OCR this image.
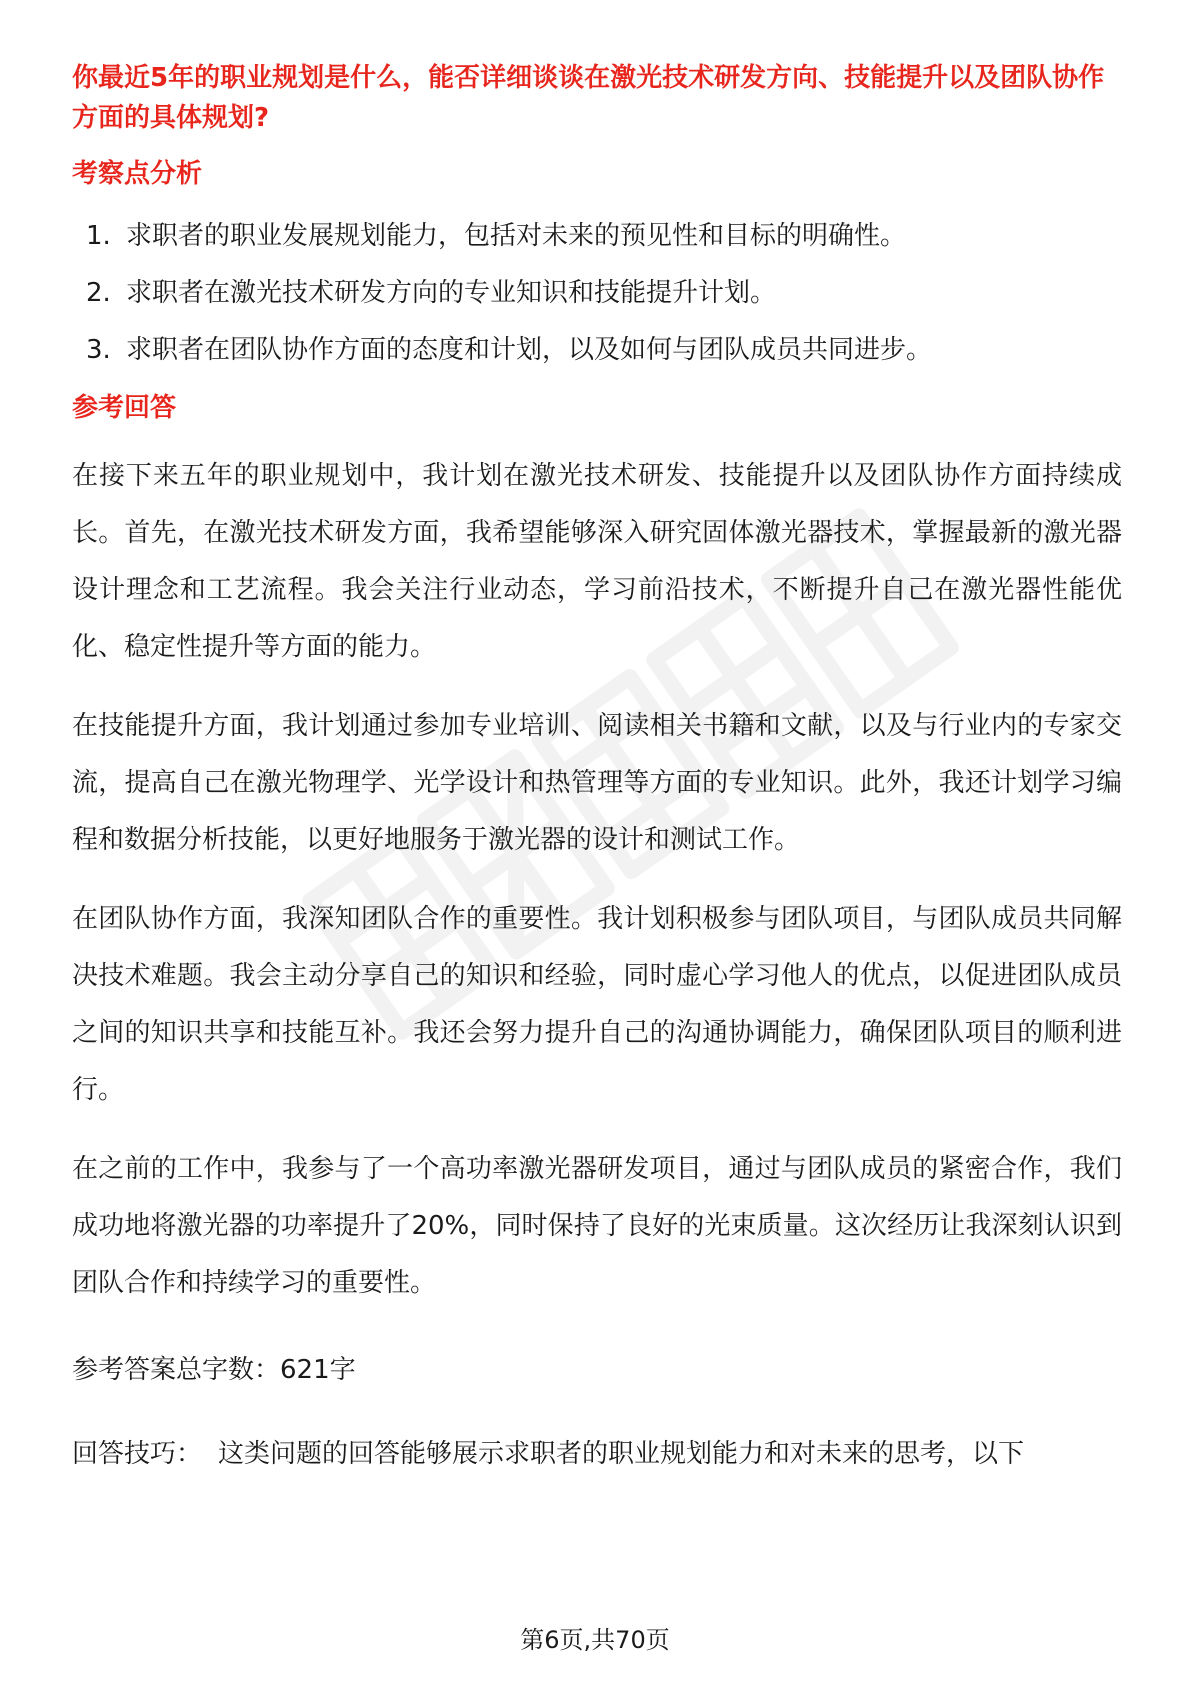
你最近5年的职业规划是什么，能否详细谈谈在激光技术研发方向、技能提升以及团队协作方面的具体规划?

考察点分析

1. 求职者的职业发展规划能力，包括对未来的预见性和目标的明确性。
2. 求职者在激光技术研发方向的专业知识和技能提升计划。
3. 求职者在团队协作方面的态度和计划，以及如何与团队成员共同进步。

参考回答

在接下来五年的职业规划中，我计划在激光技术研发、技能提升以及团队协作方面持续成长。首先，在激光技术研发方面，我希望能够深入研究固体激光器技术，掌握最新的激光器设计理念和工艺流程。我会关注行业动态，学习前沿技术，不断提升自己在激光器性能优化、稳定性提升等方面的能力。

在技能提升方面，我计划通过参加专业培训、阅读相关书籍和文献，以及与行业内的专家交流，提高自己在激光物理学、光学设计和热管理等方面的专业知识。此外，我还计划学习编程和数据分析技能，以更好地服务于激光器的设计和测试工作。

在团队协作方面，我深知团队合作的重要性。我计划积极参与团队项目，与团队成员共同解决技术难题。我会主动分享自己的知识和经验，同时虚心学习他人的优点，以促进团队成员之间的知识共享和技能互补。我还会努力提升自己的沟通协调能力，确保团队项目的顺利进行。

在之前的工作中，我参与了一个高功率激光器研发项目，通过与团队成员的紧密合作，我们成功地将激光器的功率提升了20%，同时保持了良好的光束质量。这次经历让我深刻认识到团队合作和持续学习的重要性。

参考答案总字数：621字

回答技巧： 这类问题的回答能够展示求职者的职业规划能力和对未来的思考，以下

第6页,共70页
